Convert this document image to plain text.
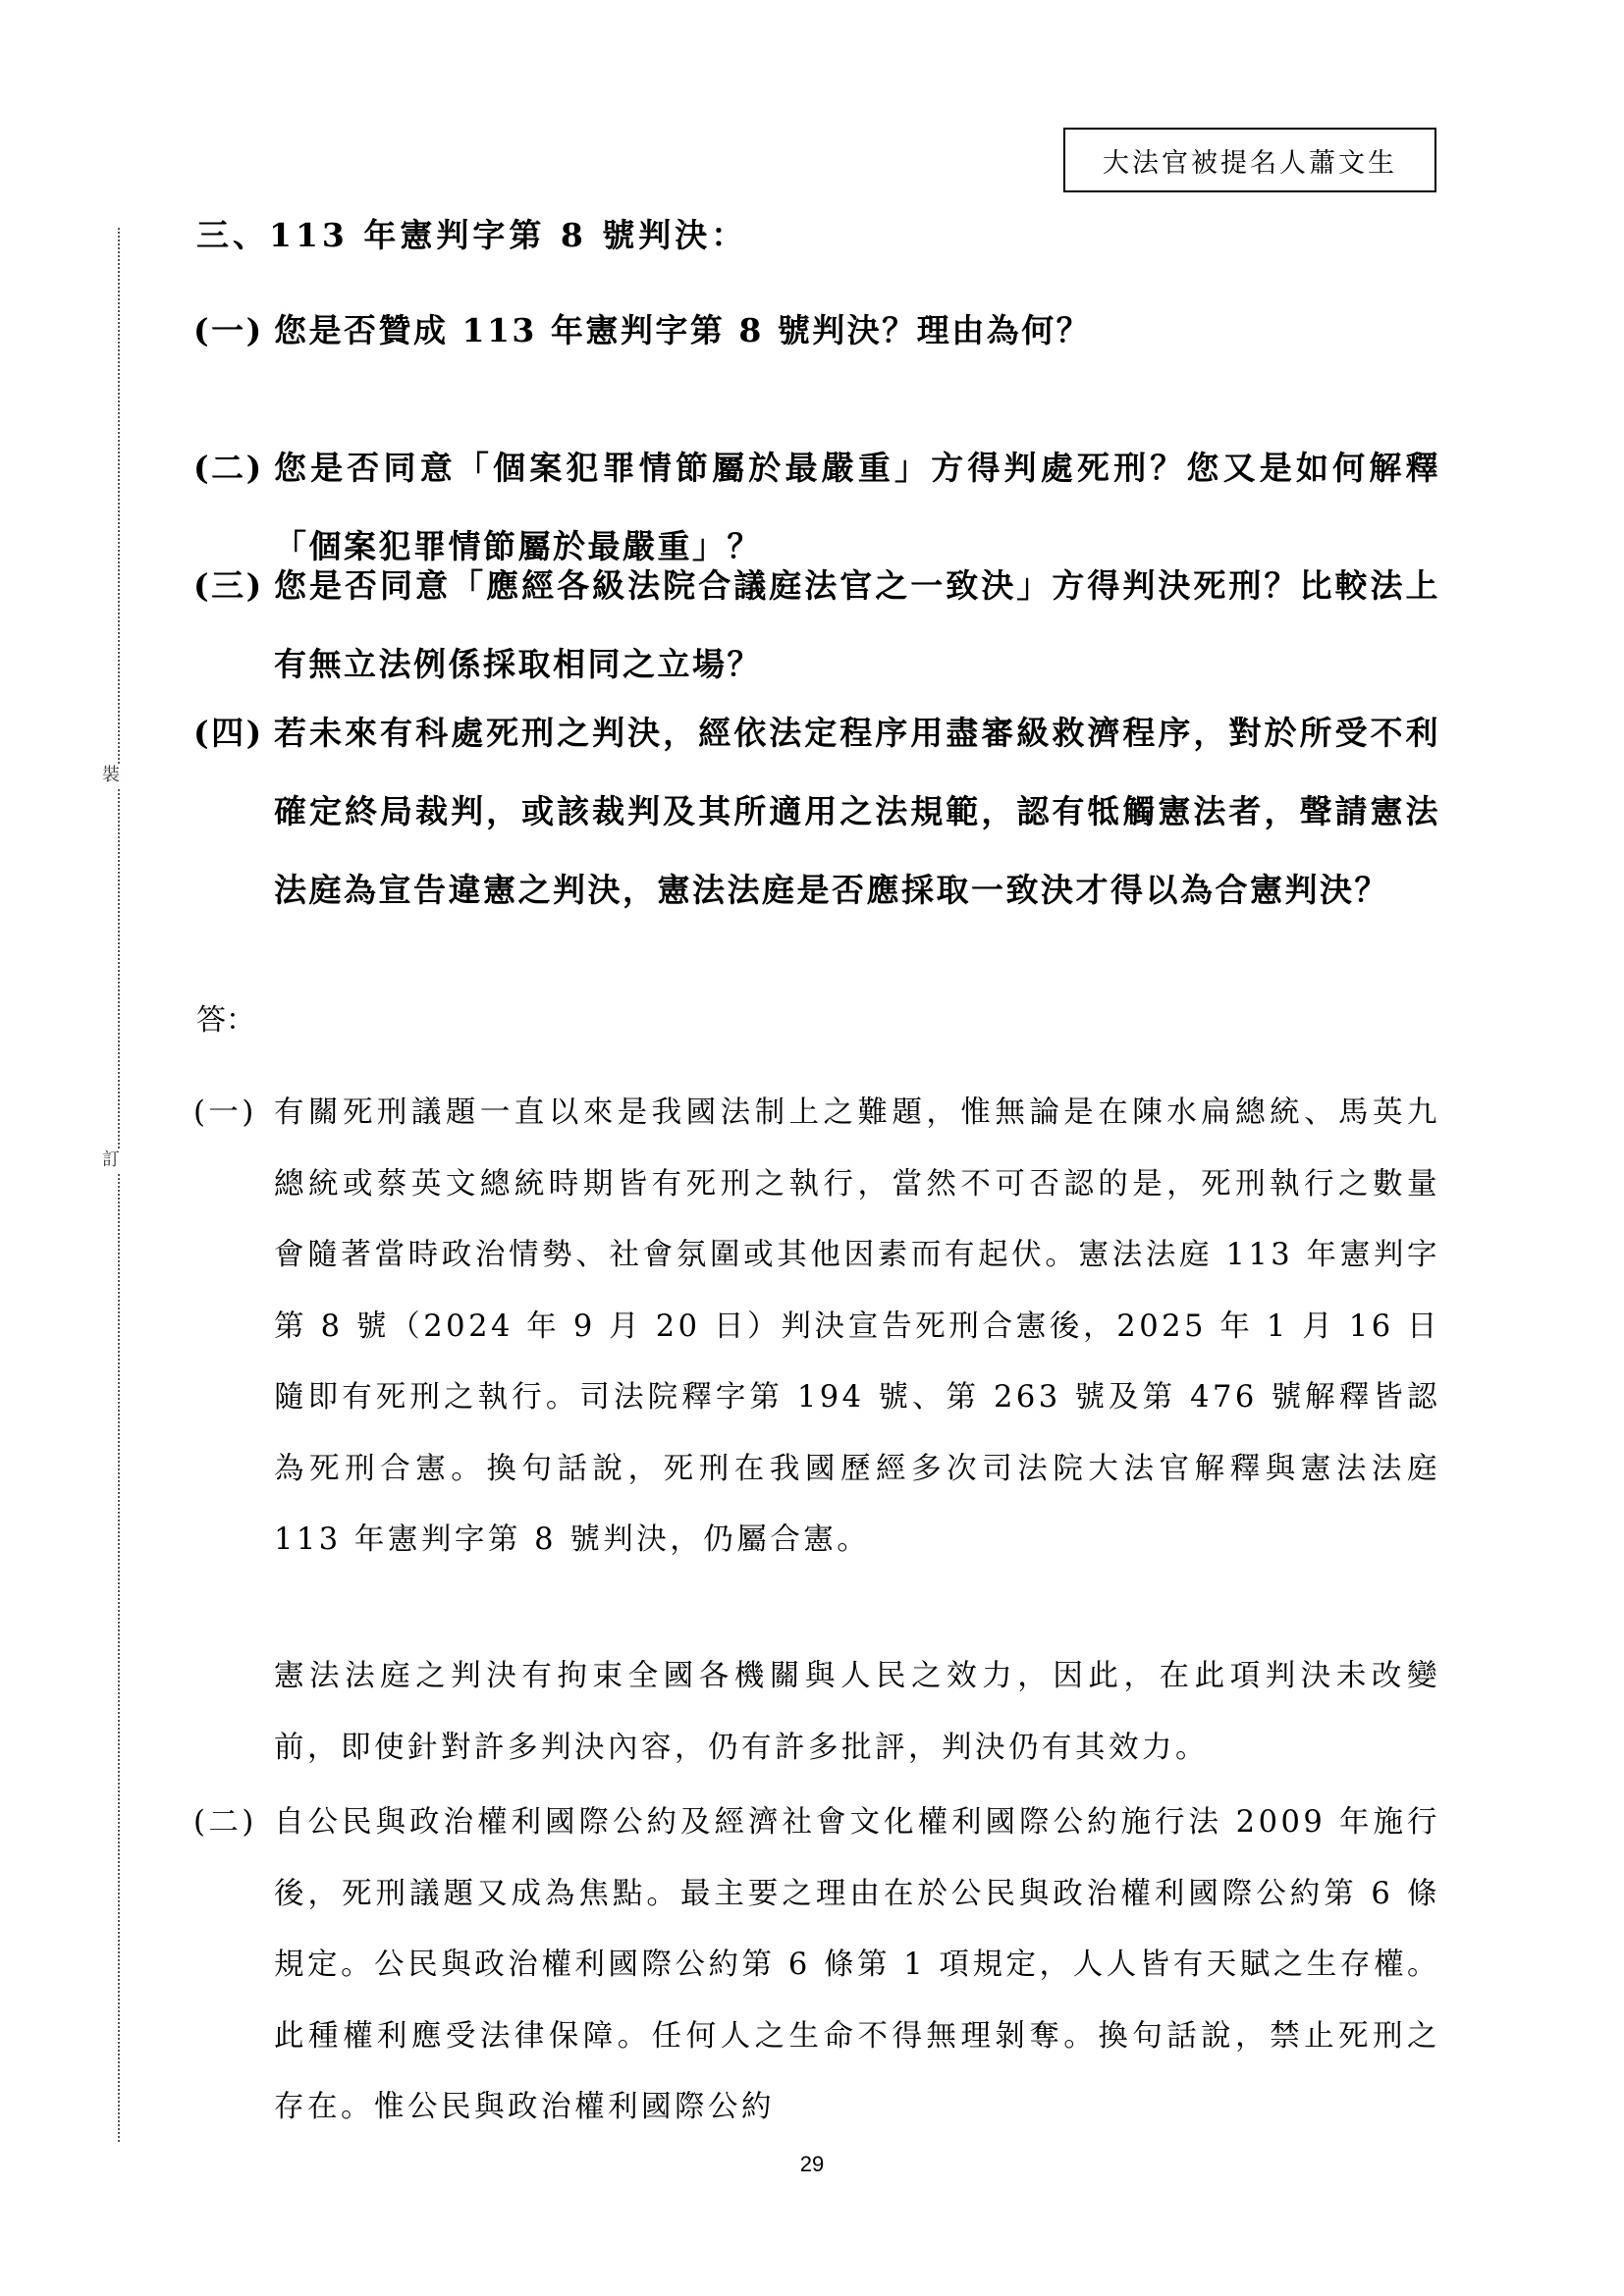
大法官被提名人蕭文生
裝
訂
三、113 年憲判字第 8 號判決：
(一) 您是否贊成 113 年憲判字第 8 號判決？理由為何？
(二) 您是否同意「個案犯罪情節屬於最嚴重」方得判處死刑？您又是如何解釋「個案犯罪情節屬於最嚴重」？
(三) 您是否同意「應經各級法院合議庭法官之一致決」方得判決死刑？比較法上有無立法例係採取相同之立場？
(四) 若未來有科處死刑之判決，經依法定程序用盡審級救濟程序，對於所受不利確定終局裁判，或該裁判及其所適用之法規範，認有牴觸憲法者，聲請憲法法庭為宣告違憲之判決，憲法法庭是否應採取一致決才得以為合憲判決？
答：
(一) 有關死刑議題一直以來是我國法制上之難題，惟無論是在陳水扁總統、馬英九總統或蔡英文總統時期皆有死刑之執行，當然不可否認的是，死刑執行之數量會隨著當時政治情勢、社會氛圍或其他因素而有起伏。憲法法庭 113 年憲判字第 8 號（2024 年 9 月 20 日）判決宣告死刑合憲後，2025 年 1 月 16 日隨即有死刑之執行。司法院釋字第 194 號、第 263 號及第 476 號解釋皆認為死刑合憲。換句話說，死刑在我國歷經多次司法院大法官解釋與憲法法庭 113 年憲判字第 8 號判決，仍屬合憲。
憲法法庭之判決有拘束全國各機關與人民之效力，因此，在此項判決未改變前，即使針對許多判決內容，仍有許多批評，判決仍有其效力。
(二) 自公民與政治權利國際公約及經濟社會文化權利國際公約施行法 2009 年施行後，死刑議題又成為焦點。最主要之理由在於公民與政治權利國際公約第 6 條規定。公民與政治權利國際公約第 6 條第 1 項規定，人人皆有天賦之生存權。此種權利應受法律保障。任何人之生命不得無理剝奪。換句話說，禁止死刑之存在。惟公民與政治權利國際公約
29
